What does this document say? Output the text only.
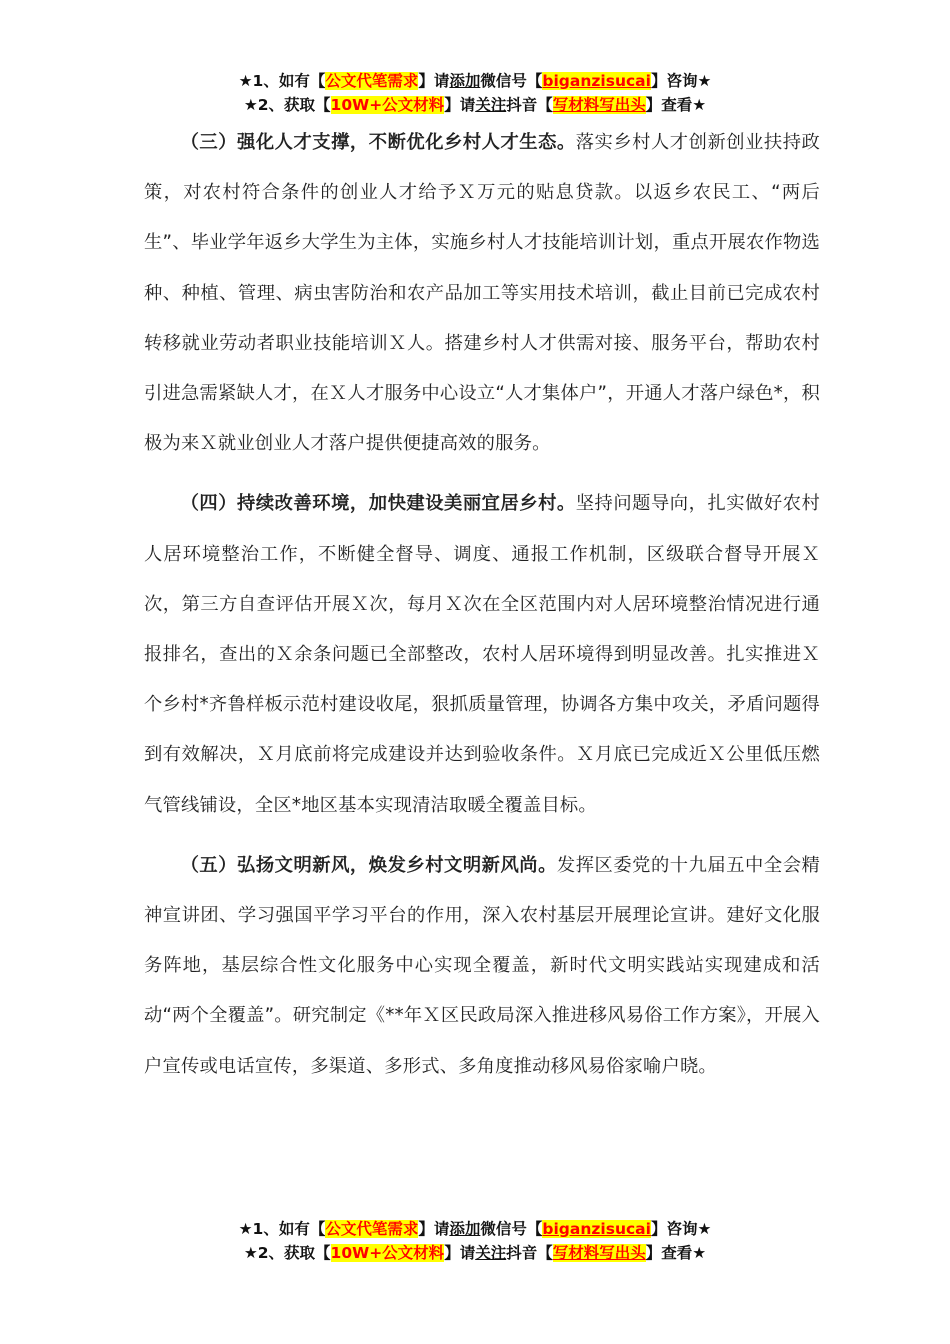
★1、如有【公文代笔需求】请添加微信号【biganzisucai】咨询★
★2、获取【10W+公文材料】请关注抖音【写材料写出头】查看★

（三）强化人才支撑，不断优化乡村人才生态。落实乡村人才创新创业扶持政策，对农村符合条件的创业人才给予Ｘ万元的贴息贷款。以返乡农民工、“两后生”、毕业学年返乡大学生为主体，实施乡村人才技能培训计划，重点开展农作物选种、种植、管理、病虫害防治和农产品加工等实用技术培训，截止目前已完成农村转移就业劳动者职业技能培训Ｘ人。搭建乡村人才供需对接、服务平台，帮助农村引进急需紧缺人才，在Ｘ人才服务中心设立“人才集体户”，开通人才落户绿色*，积极为来Ｘ就业创业人才落户提供便捷高效的服务。

（四）持续改善环境，加快建设美丽宜居乡村。坚持问题导向，扎实做好农村人居环境整治工作，不断健全督导、调度、通报工作机制，区级联合督导开展Ｘ次，第三方自查评估开展Ｘ次，每月Ｘ次在全区范围内对人居环境整治情况进行通报排名，查出的Ｘ余条问题已全部整改，农村人居环境得到明显改善。扎实推进Ｘ个乡村*齐鲁样板示范村建设收尾，狠抓质量管理，协调各方集中攻关，矛盾问题得到有效解决，Ｘ月底前将完成建设并达到验收条件。Ｘ月底已完成近Ｘ公里低压燃气管线铺设，全区*地区基本实现清洁取暖全覆盖目标。

（五）弘扬文明新风，焕发乡村文明新风尚。发挥区委党的十九届五中全会精神宣讲团、学习强国平学习平台的作用，深入农村基层开展理论宣讲。建好文化服务阵地，基层综合性文化服务中心实现全覆盖，新时代文明实践站实现建成和活动“两个全覆盖”。研究制定《**年Ｘ区民政局深入推进移风易俗工作方案》，开展入户宣传或电话宣传，多渠道、多形式、多角度推动移风易俗家喻户晓。

★1、如有【公文代笔需求】请添加微信号【biganzisucai】咨询★
★2、获取【10W+公文材料】请关注抖音【写材料写出头】查看★
